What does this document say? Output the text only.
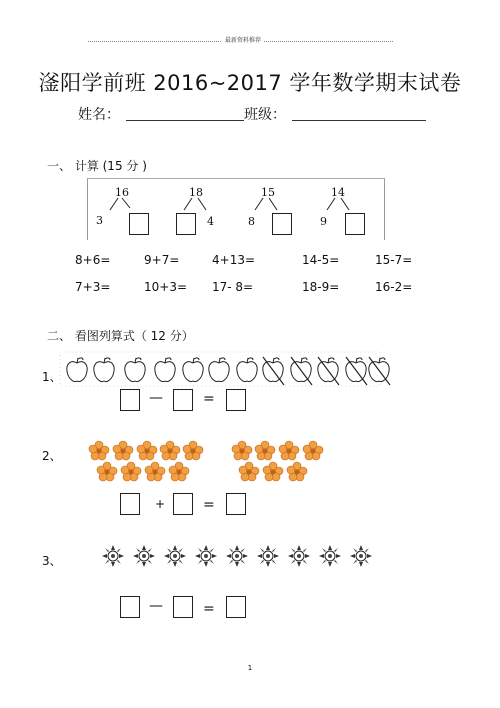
最新资料推荐
滏阳学前班 2016~2017 学年数学期末试卷
姓名：	班级：
一、 计算 (15 分 )
16
3
18
4
15
8
14
9
8+6=	9+7=	4+13=	14-5=	15-7=
7+3=	10+3= 17- 8=	18-9=	16-2=
二、 看图列算式（ 12 分）
1、
—	=
2、
+	=
3、
—	=
1
